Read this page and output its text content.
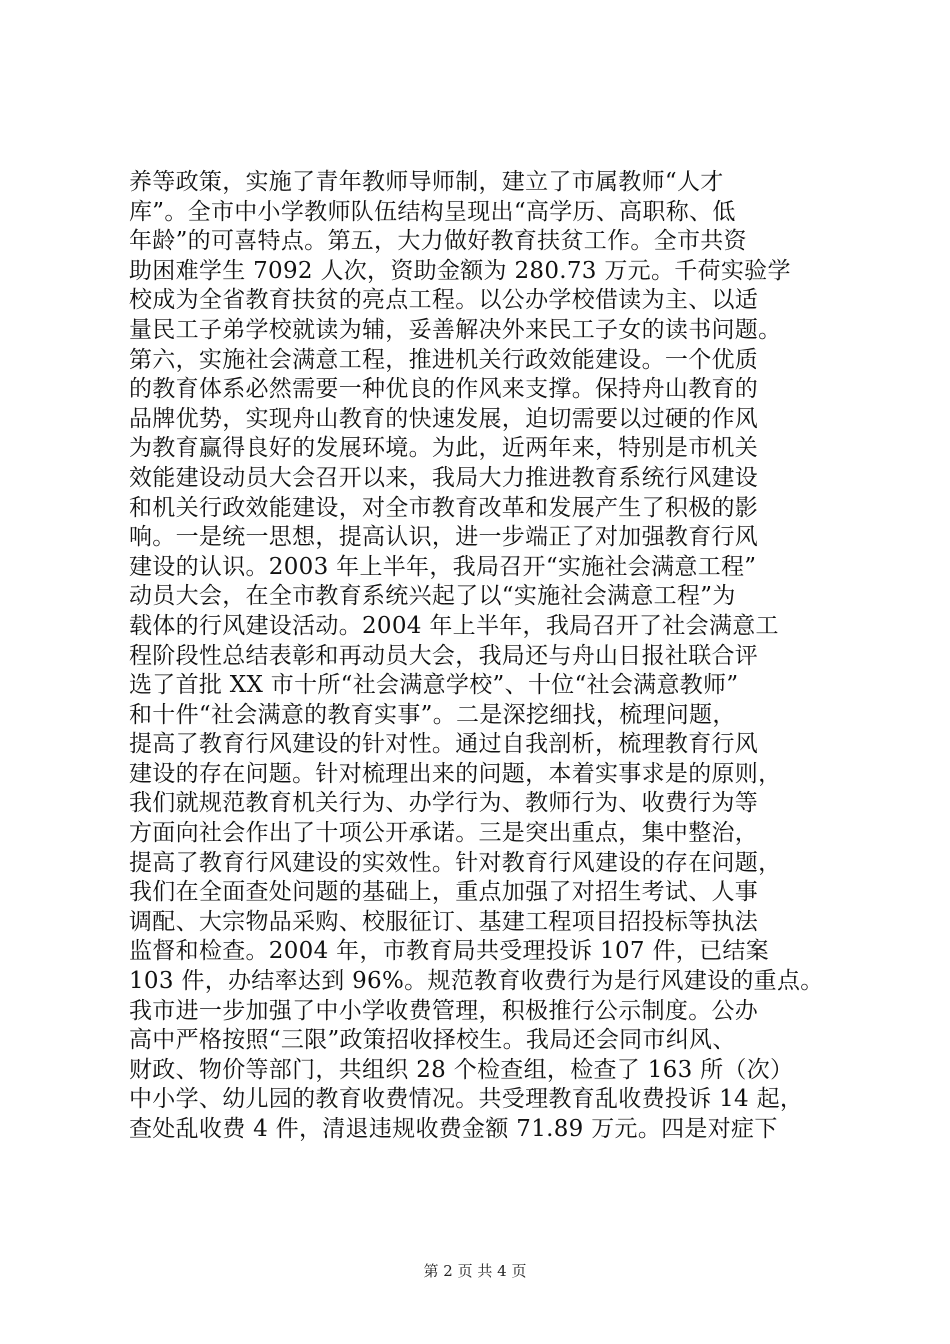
养等政策，实施了青年教师导师制，建立了市属教师“人才
库”。全市中小学教师队伍结构呈现出“高学历、高职称、低
年龄”的可喜特点。第五，大力做好教育扶贫工作。全市共资
助困难学生 7092 人次，资助金额为 280.73 万元。千荷实验学
校成为全省教育扶贫的亮点工程。以公办学校借读为主、以适
量民工子弟学校就读为辅，妥善解决外来民工子女的读书问题。
第六，实施社会满意工程，推进机关行政效能建设。一个优质
的教育体系必然需要一种优良的作风来支撑。保持舟山教育的
品牌优势，实现舟山教育的快速发展，迫切需要以过硬的作风
为教育赢得良好的发展环境。为此，近两年来，特别是市机关
效能建设动员大会召开以来，我局大力推进教育系统行风建设
和机关行政效能建设，对全市教育改革和发展产生了积极的影
响。一是统一思想，提高认识，进一步端正了对加强教育行风
建设的认识。2003 年上半年，我局召开“实施社会满意工程”
动员大会，在全市教育系统兴起了以“实施社会满意工程”为
载体的行风建设活动。2004 年上半年，我局召开了社会满意工
程阶段性总结表彰和再动员大会，我局还与舟山日报社联合评
选了首批 XX 市十所“社会满意学校”、十位“社会满意教师”
和十件“社会满意的教育实事”。二是深挖细找，梳理问题，
提高了教育行风建设的针对性。通过自我剖析，梳理教育行风
建设的存在问题。针对梳理出来的问题，本着实事求是的原则，
我们就规范教育机关行为、办学行为、教师行为、收费行为等
方面向社会作出了十项公开承诺。三是突出重点，集中整治，
提高了教育行风建设的实效性。针对教育行风建设的存在问题，
我们在全面查处问题的基础上，重点加强了对招生考试、人事
调配、大宗物品采购、校服征订、基建工程项目招投标等执法
监督和检查。2004 年，市教育局共受理投诉 107 件，已结案
103 件，办结率达到 96%。规范教育收费行为是行风建设的重点。
我市进一步加强了中小学收费管理，积极推行公示制度。公办
高中严格按照“三限”政策招收择校生。我局还会同市纠风、
财政、物价等部门，共组织 28 个检查组，检查了 163 所（次）
中小学、幼儿园的教育收费情况。共受理教育乱收费投诉 14 起，
查处乱收费 4 件，清退违规收费金额 71.89 万元。四是对症下
第 2 页 共 4 页
